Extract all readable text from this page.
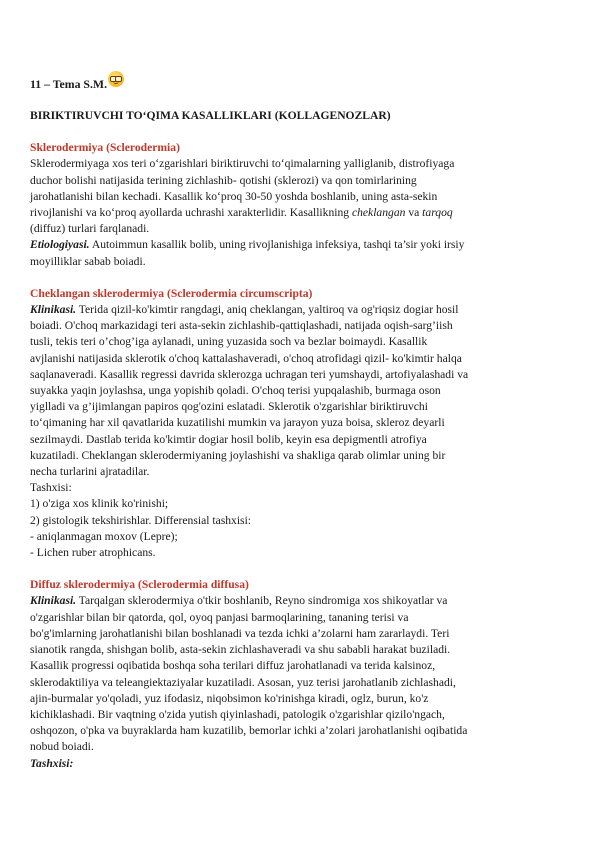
11 – Tema S.M.
BIRIKTIRUVCHI TO‘QIMA KASALLIKLARI (KOLLAGENOZLAR)
Sklerodermiya (Sclerodermia)
Sklerodermiyaga xos teri o‘zgarishlari biriktiruvchi to‘qimalarning yalliglanib, distrofiyaga
duchor bolishi natijasida terining zichlashib- qotishi (sklerozi) va qon tomirlarining
jarohatlanishi bilan kechadi. Kasallik ko‘proq 30-50 yoshda boshlanib, uning asta-sekin
rivojlanishi va ko‘proq ayollarda uchrashi xarakterlidir. Kasallikning cheklangan va tarqoq
(diffuz) turlari farqlanadi.
Etiologiyasi. Autoimmun kasallik bolib, uning rivojlanishiga infeksiya, tashqi ta’sir yoki irsiy
moyilliklar sabab boiadi.
Cheklangan sklerodermiya (Sclerodermia circumscripta)
Klinikasi. Terida qizil-ko'kimtir rangdagi, aniq cheklangan, yaltiroq va og'riqsiz dogiar hosil
boiadi. O'choq markazidagi teri asta-sekin zichlashib-qattiqlashadi, natijada oqish-sarg’iish
tusli, tekis teri o’chog’iga aylanadi, uning yuzasida soch va bezlar boimaydi. Kasallik
avjlanishi natijasida sklerotik o'choq kattalashaveradi, o'choq atrofidagi qizil- ko'kimtir halqa
saqlanaveradi. Kasallik regressi davrida sklerozga uchragan teri yumshaydi, artofiyalashadi va
suyakka yaqin joylashsa, unga yopishib qoladi. O'choq terisi yupqalashib, burmaga oson
yiglladi va g’ijimlangan papiros qog'ozini eslatadi. Sklerotik o'zgarishlar biriktiruvchi
to‘qimaning har xil qavatlarida kuzatilishi mumkin va jarayon yuza boisa, skleroz deyarli
sezilmaydi. Dastlab terida ko'kimtir dogiar hosil bolib, keyin esa depigmentli atrofiya
kuzatiladi. Cheklangan sklerodermiyaning joylashishi va shakliga qarab olimlar uning bir
necha turlarini ajratadilar.
Tashxisi:
1) o'ziga xos klinik ko'rinishi;
2) gistologik tekshirishlar. Differensial tashxisi:
- aniqlanmagan moxov (Lepre);
- Lichen ruber atrophicans.
Diffuz sklerodermiya (Sclerodermia diffusa)
Klinikasi. Tarqalgan sklerodermiya o'tkir boshlanib, Reyno sindromiga xos shikoyatlar va
o'zgarishlar bilan bir qatorda, qol, oyoq panjasi barmoqlarining, tananing terisi va
bo'g'imlarning jarohatlanishi bilan boshlanadi va tezda ichki a’zolarni ham zararlaydi. Teri
sianotik rangda, shishgan bolib, asta-sekin zichlashaveradi va shu sababli harakat buziladi.
Kasallik progressi oqibatida boshqa soha terilari diffuz jarohatlanadi va terida kalsinoz,
sklerodaktiliya va teleangiektaziyalar kuzatiladi. Asosan, yuz terisi jarohatlanib zichlashadi,
ajin-burmalar yo'qoladi, yuz ifodasiz, niqobsimon ko'rinishga kiradi, oglz, burun, ko'z
kichiklashadi. Bir vaqtning o'zida yutish qiyinlashadi, patologik o'zgarishlar qizilo'ngach,
oshqozon, o'pka va buyraklarda ham kuzatilib, bemorlar ichki a’zolari jarohatlanishi oqibatida
nobud boiadi.
Tashxisi:
